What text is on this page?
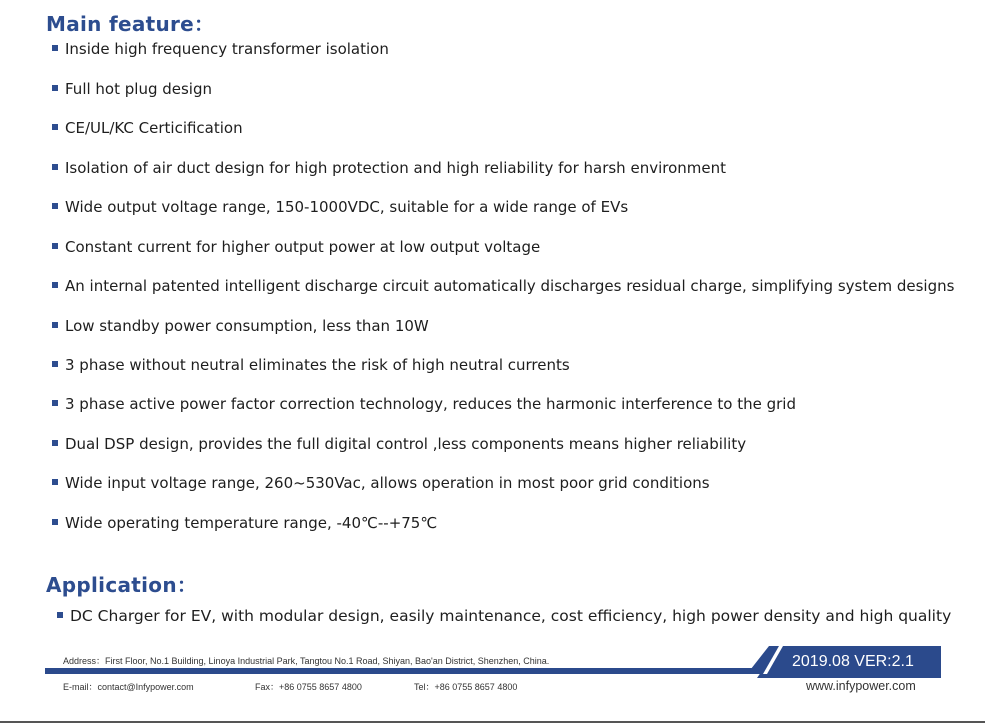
Main feature：
Inside high frequency transformer isolation
Full hot plug design
CE/UL/KC Certicification
Isolation of air duct design for high protection and high reliability for harsh environment
Wide output voltage range, 150-1000VDC, suitable for a wide range of EVs
Constant current for higher output power at low output voltage
An internal patented intelligent discharge circuit automatically discharges residual charge, simplifying system designs
Low standby power consumption, less than 10W
3 phase without neutral eliminates the risk of high neutral currents
3 phase active power factor correction technology, reduces the harmonic interference to the grid
Dual DSP design, provides the full digital control ,less components means higher reliability
Wide input voltage range, 260~530Vac, allows operation in most poor grid conditions
Wide operating temperature range, -40℃--+75℃
Application：
DC Charger for EV, with modular design, easily maintenance, cost efficiency, high power density and high quality
Address：First Floor, No.1 Building, Linoya Industrial Park, Tangtou No.1 Road, Shiyan, Bao'an District, Shenzhen, China.	2019.08 VER:2.1
E-mail：contact@Infypower.com	Fax：+86 0755 8657 4800	Tel：+86 0755 8657 4800	www.infypower.com
